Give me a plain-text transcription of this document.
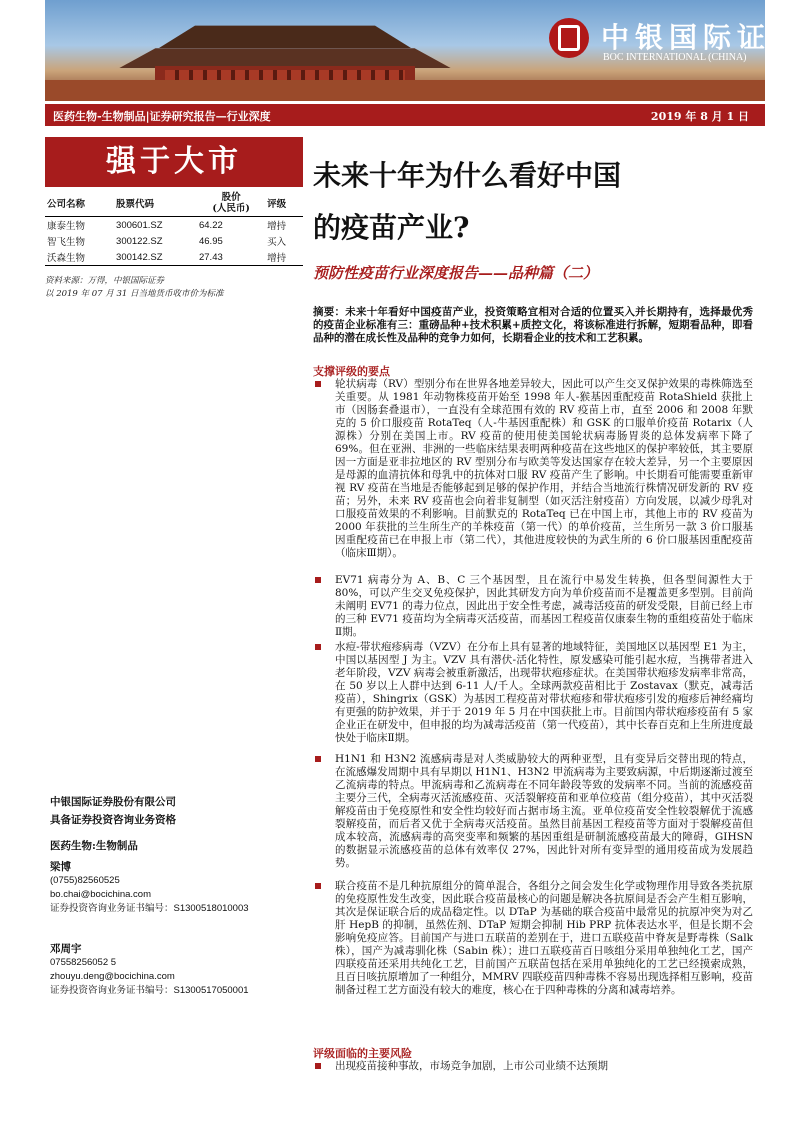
中银国际证券
BOC INTERNATIONAL (CHINA)
医药生物-生物制品|证券研究报告—行业深度	2019 年 8 月 1 日
强于大市	未来十年为什么看好中国
的疫苗产业?
预防性疫苗行业深度报告——品种篇（二）
公司名称	股票代码	股价
(人民币)	评级
康泰生物	300601.SZ	64.22	增持
智飞生物	300122.SZ	46.95	买入
沃森生物	300142.SZ	27.43	增持
资料来源：万得，中银国际证券
以 2019 年 07 月 31 日当地货币收市价为标准
摘要：未来十年看好中国疫苗产业，投资策略宜相对合适的位置买入并长期持有，选择最优秀的疫苗企业标准有三：重磅品种+技术积累+质控文化，将该标准进行拆解，短期看品种，即看品种的潜在成长性及品种的竞争力如何，长期看企业的技术和工艺积累。
支撑评级的要点
轮状病毒（RV）型别分布在世界各地差异较大，因此可以产生交叉保护效果的毒株筛选至关重要。从 1981 年动物株疫苗开始至 1998 年人-猴基因重配疫苗 RotaShield 获批上市（因肠套叠退市），一直没有全球范围有效的 RV 疫苗上市，直至 2006 和 2008 年默克的 5 价口服疫苗 RotaTeq（人-牛基因重配株）和 GSK 的口服单价疫苗 Rotarix（人源株）分别在美国上市。RV 疫苗的使用使美国轮状病毒肠胃炎的总体发病率下降了 69%。但在亚洲、非洲的一些临床结果表明两种疫苗在这些地区的保护率较低，其主要原因一方面是亚非拉地区的 RV 型别分布与欧美等发达国家存在较大差异，另一个主要原因是母源的血清抗体和母乳中的抗体对口服 RV 疫苗产生了影响。中长期看可能需要重新审视 RV 疫苗在当地是否能够起到足够的保护作用，并结合当地流行株情况研发新的 RV 疫苗；另外，未来 RV 疫苗也会向着非复制型（如灭活注射疫苗）方向发展，以减少母乳对口服疫苗效果的不利影响。目前默克的 RotaTeq 已在中国上市，其他上市的 RV 疫苗为 2000 年获批的兰生所生产的羊株疫苗（第一代）的单价疫苗，兰生所另一款 3 价口服基因重配疫苗已在申报上市（第二代），其他进度较快的为武生所的 6 价口服基因重配疫苗（临床Ⅲ期）。
EV71 病毒分为 A、B、C 三个基因型，且在流行中易发生转换，但各型间源性大于 80%，可以产生交叉免疫保护，因此其研发方向为单价疫苗而不是覆盖更多型别。目前尚未阐明 EV71 的毒力位点，因此出于安全性考虑，减毒活疫苗的研发受限，目前已经上市的三种 EV71 疫苗均为全病毒灭活疫苗，而基因工程疫苗仅康泰生物的重组疫苗处于临床Ⅱ期。
水痘-带状疱疹病毒（VZV）在分布上具有显著的地域特征，美国地区以基因型 E1 为主，中国以基因型 J 为主。VZV 具有潜伏-活化特性，原发感染可能引起水痘，当携带者进入老年阶段，VZV 病毒会被重新激活，出现带状疱疹症状。在美国带状疱疹发病率非常高，在 50 岁以上人群中达到 6-11 人/千人。全球两款疫苗相比于 Zostavax（默克，减毒活疫苗），Shingrix（GSK）为基因工程疫苗对带状疱疹和带状疱疹引发的疱疹后神经痛均有更强的防护效果，并于于 2019 年 5 月在中国获批上市。目前国内带状疱疹疫苗有 5 家企业正在研发中，但申报的均为减毒活疫苗（第一代疫苗），其中长春百克和上生所进度最快处于临床Ⅱ期。
H1N1 和 H3N2 流感病毒是对人类威胁较大的两种亚型，且有变异后交替出现的特点，在流感爆发周期中具有早期以 H1N1、H3N2 甲流病毒为主要致病源，中后期逐渐过渡至乙流病毒的特点。甲流病毒和乙流病毒在不同年龄段等致的发病率不同。当前的流感疫苗主要分三代，全病毒灭活流感疫苗、灭活裂解疫苗和亚单位疫苗（组分疫苗），其中灭活裂解疫苗由于免疫原性和安全性均较好而占据市场主流。亚单位疫苗安全性较裂解优于流感裂解疫苗，而后者又优于全病毒灭活疫苗。虽然目前基因工程疫苗等方面对于裂解疫苗但成本较高，流感病毒的高突变率和频繁的基因重组是研制流感疫苗最大的障碍，GIHSN 的数据显示流感疫苗的总体有效率仅 27%，因此针对所有变异型的通用疫苗成为发展趋势。
联合疫苗不是几种抗原组分的简单混合，各组分之间会发生化学或物理作用导致各类抗原的免疫原性发生改变，因此联合疫苗最核心的问题是解决各抗原间是否会产生相互影响，其次是保证联合后的成品稳定性。以 DTaP 为基础的联合疫苗中最常见的抗原冲突为对乙肝 HepB 的抑制，虽然佐剂、DTaP 短期会抑制 Hib PRP 抗体表达水平，但是长期不会影响免疫应答。目前国产与进口五联苗的差别在于，进口五联疫苗中脊灰是野毒株（Salk 株），国产为减毒驯化株（Sabin 株）；进口五联疫苗百日咳组分采用单独纯化工艺，国产四联疫苗还采用共纯化工艺，目前国产五联苗包括在采用单独纯化的工艺已经摸索成熟，且百日咳抗原增加了一种组分，MMRV 四联疫苗四种毒株不容易出现选择相互影响，疫苗制备过程工艺方面没有较大的难度，核心在于四种毒株的分离和减毒培养。
评级面临的主要风险
出现疫苗接种事故，市场竞争加剧，上市公司业绩不达预期
中银国际证券股份有限公司
具备证券投资咨询业务资格
医药生物:生物制品
梁博
(0755)82560525
bo.chai@bocichina.com
证券投资咨询业务证书编号：S1300518010003
邓周宇
07558256052 5
zhouyu.deng@bocichina.com
证券投资咨询业务证书编号：S1300517050001
